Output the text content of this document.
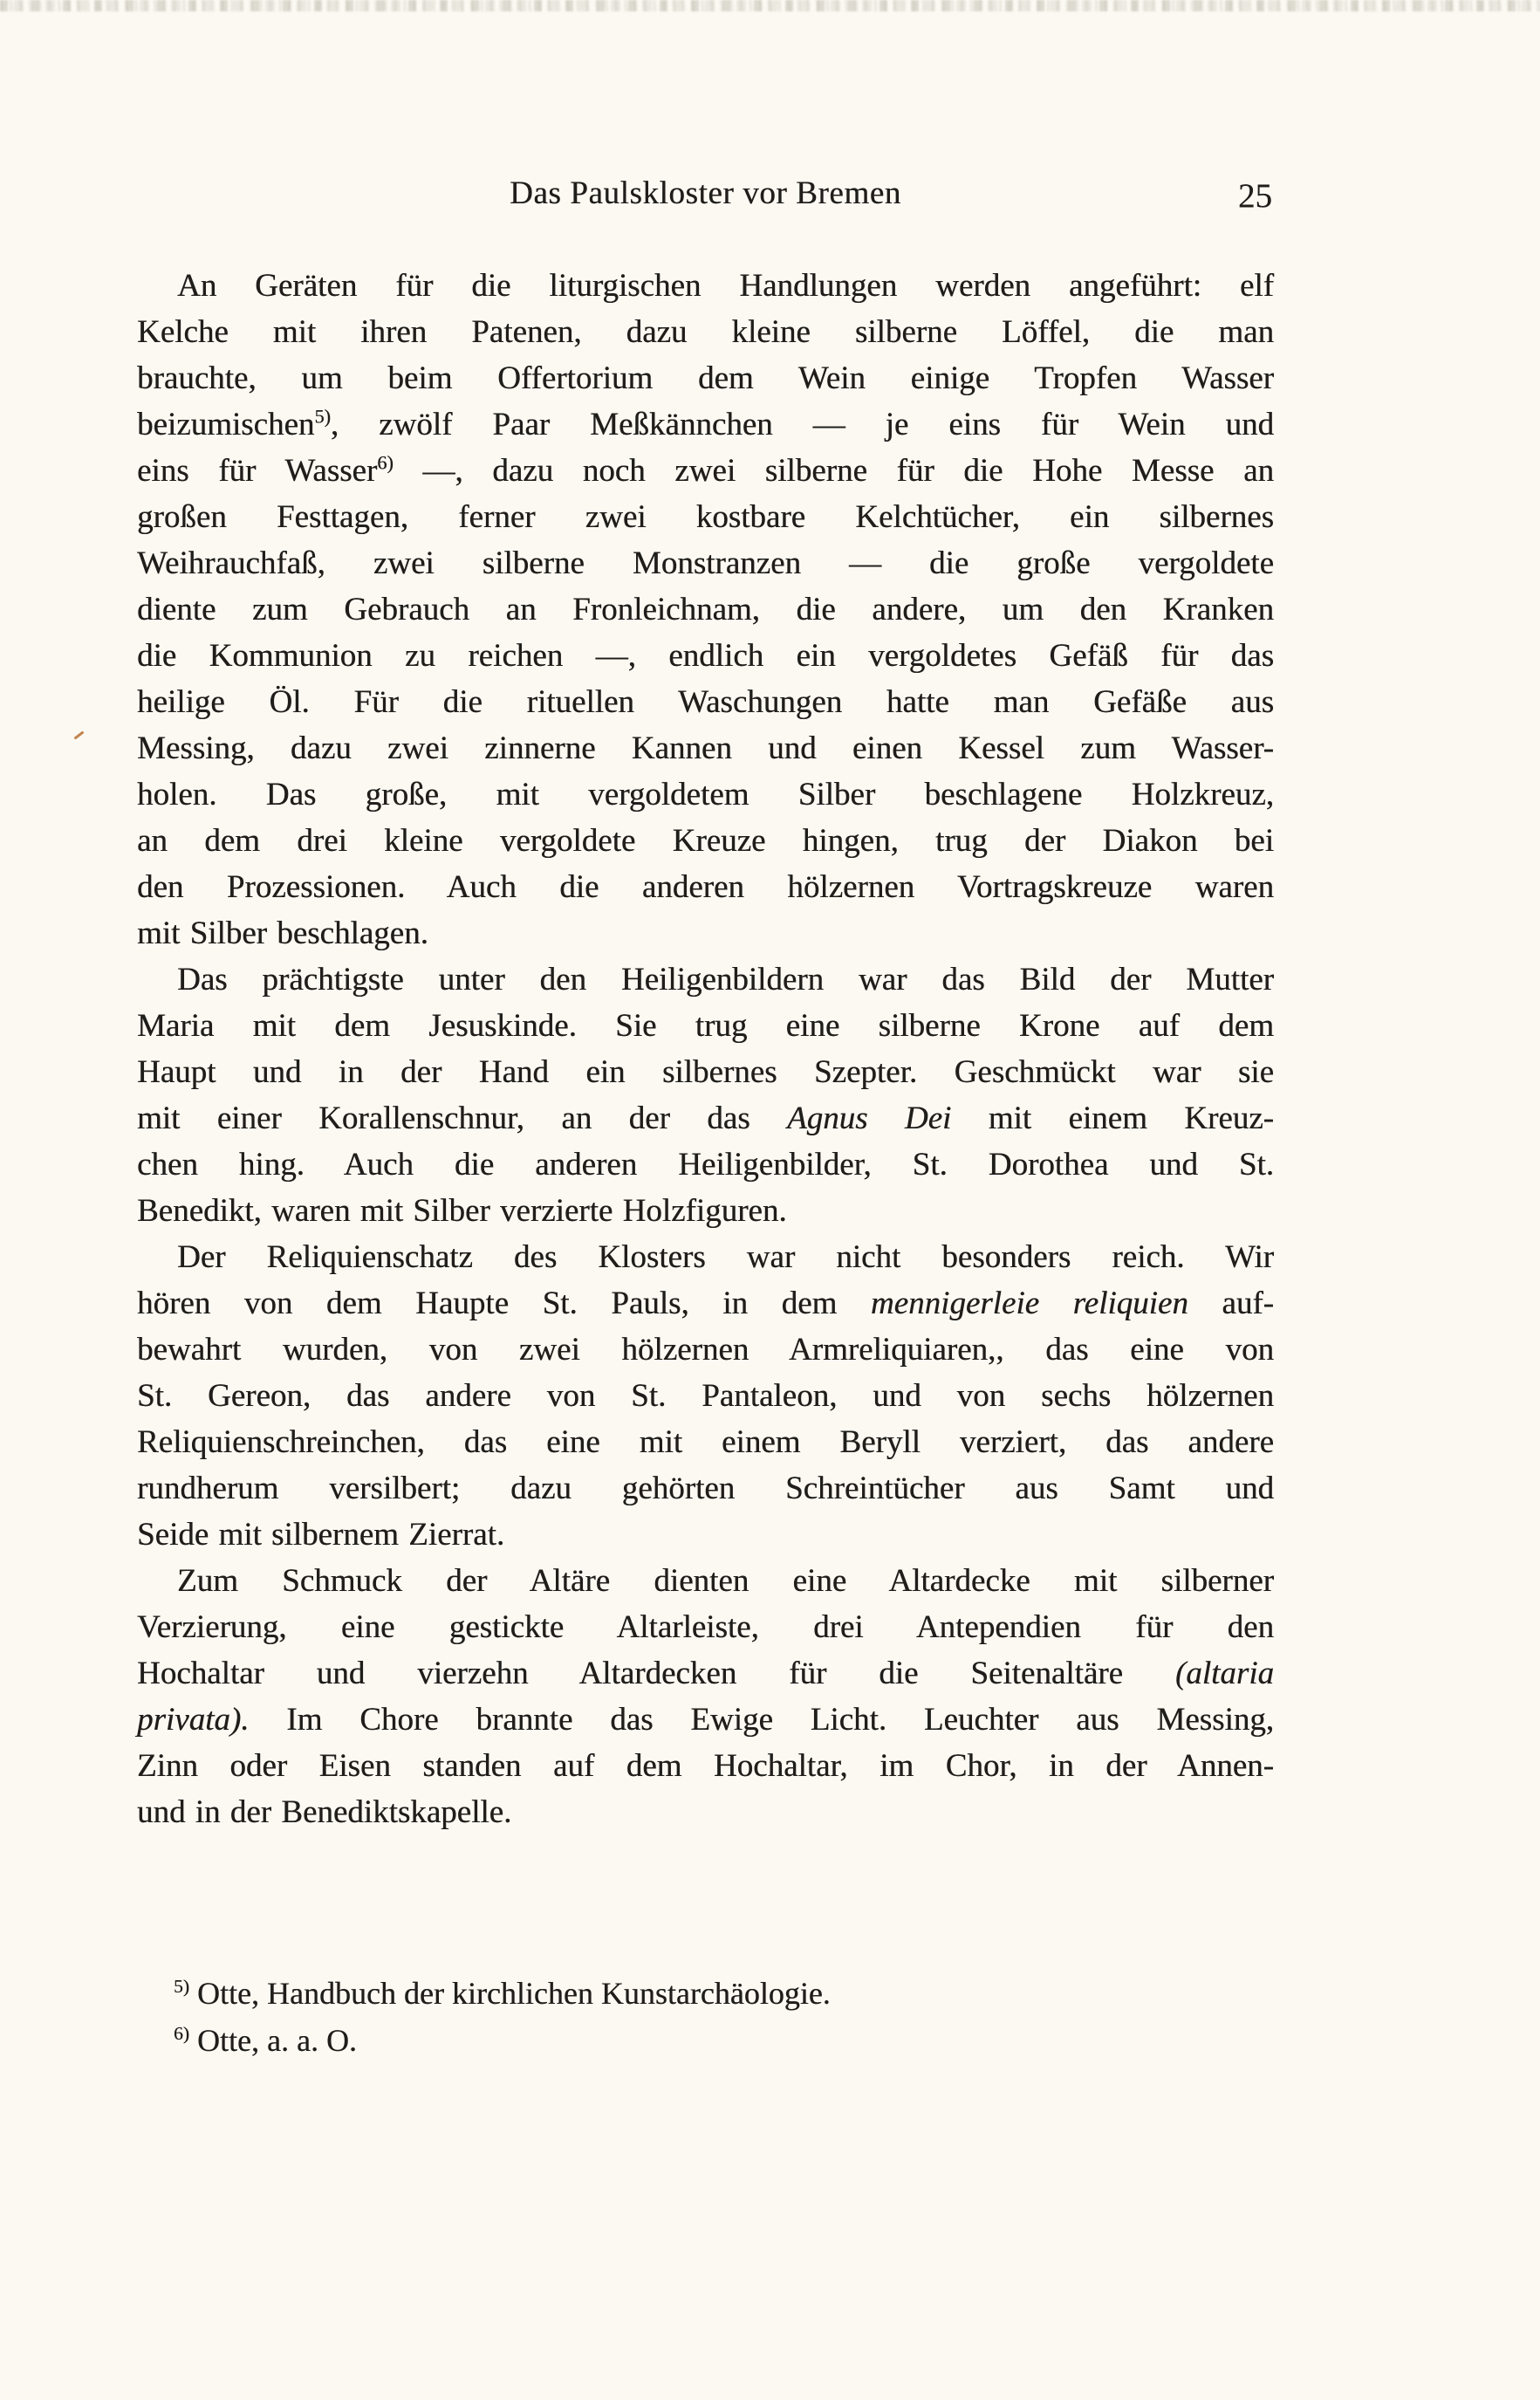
Das Paulskloster vor Bremen	25
An Geräten für die liturgischen Handlungen werden angeführt: elf
Kelche mit ihren Patenen, dazu kleine silberne Löffel, die man
brauchte, um beim Offertorium dem Wein einige Tropfen Wasser
beizumischen$^{5)}$, zwölf Paar Meßkännchen — je eins für Wein und
eins für Wasser$^{6)}$ —, dazu noch zwei silberne für die Hohe Messe an
großen Festtagen, ferner zwei kostbare Kelchtücher, ein silbernes
Weihrauchfaß, zwei silberne Monstranzen — die große vergoldete
diente zum Gebrauch an Fronleichnam, die andere, um den Kranken
die Kommunion zu reichen —, endlich ein vergoldetes Gefäß für das
heilige Öl. Für die rituellen Waschungen hatte man Gefäße aus
Messing, dazu zwei zinnerne Kannen und einen Kessel zum Wasser-
holen. Das große, mit vergoldetem Silber beschlagene Holzkreuz,
an dem drei kleine vergoldete Kreuze hingen, trug der Diakon bei
den Prozessionen. Auch die anderen hölzernen Vortragskreuze waren
mit Silber beschlagen.
Das prächtigste unter den Heiligenbildern war das Bild der Mutter
Maria mit dem Jesuskinde. Sie trug eine silberne Krone auf dem
Haupt und in der Hand ein silbernes Szepter. Geschmückt war sie
mit einer Korallenschnur, an der das Agnus Dei mit einem Kreuz-
chen hing. Auch die anderen Heiligenbilder, St. Dorothea und St.
Benedikt, waren mit Silber verzierte Holzfiguren.
Der Reliquienschatz des Klosters war nicht besonders reich. Wir
hören von dem Haupte St. Pauls, in dem mennigerleie reliquien auf-
bewahrt wurden, von zwei hölzernen Armreliquiaren,, das eine von
St. Gereon, das andere von St. Pantaleon, und von sechs hölzernen
Reliquienschreinchen, das eine mit einem Beryll verziert, das andere
rundherum versilbert; dazu gehörten Schreintücher aus Samt und
Seide mit silbernem Zierrat.
Zum Schmuck der Altäre dienten eine Altardecke mit silberner
Verzierung, eine gestickte Altarleiste, drei Antependien für den
Hochaltar und vierzehn Altardecken für die Seitenaltäre (altaria
privata). Im Chore brannte das Ewige Licht. Leuchter aus Messing,
Zinn oder Eisen standen auf dem Hochaltar, im Chor, in der Annen-
und in der Benediktskapelle.
$^{5)}$ Otte, Handbuch der kirchlichen Kunstarchäologie.
$^{6)}$ Otte, a. a. O.
